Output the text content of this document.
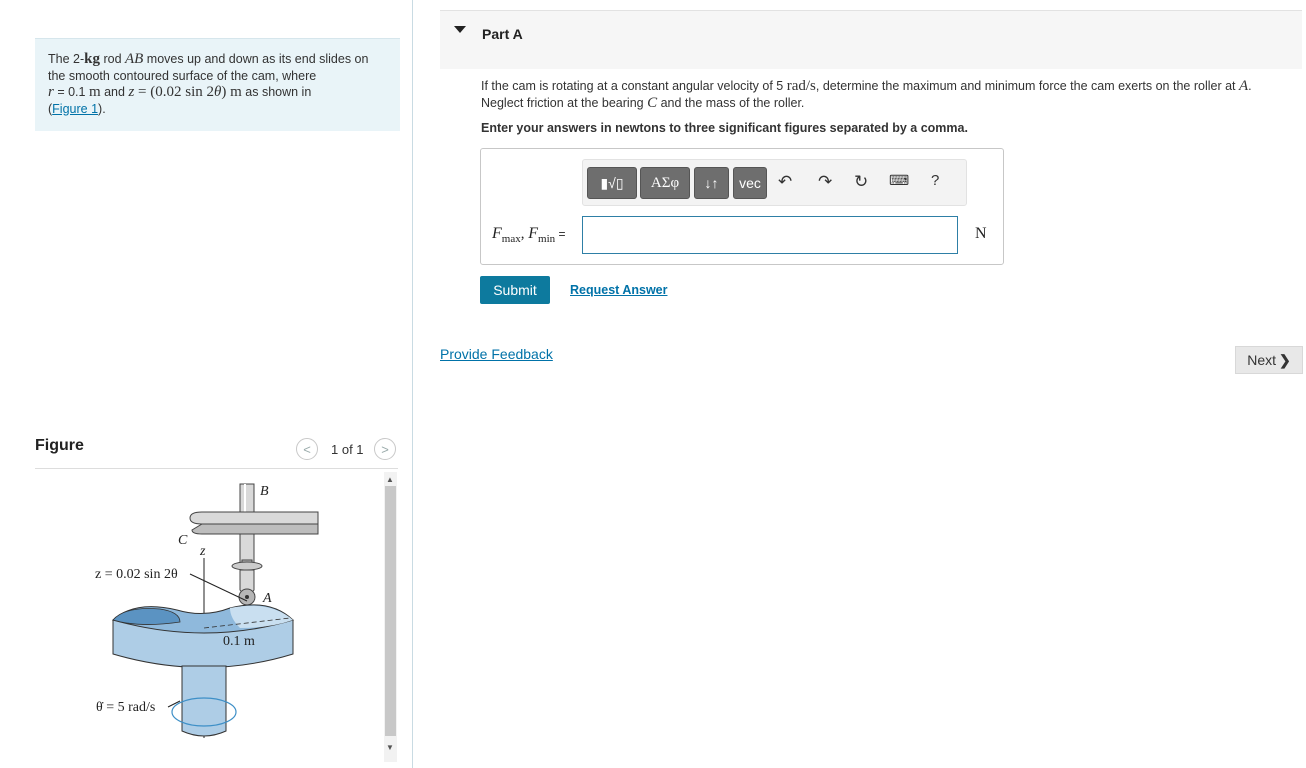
The 2-kg rod AB moves up and down as its end slides on
the smooth contoured surface of the cam, where
r = 0.1 m and z = (0.02 sin 2θ) m as shown in
(Figure 1).
Figure	< 1 of 1 >
▲
▼
B
C
z
A
z = 0.02 sin 2θ
0.1 m
θ̇ = 5 rad/s
Part A
If the cam is rotating at a constant angular velocity of 5 rad/s, determine the maximum and minimum force the cam exerts on the roller at A.
Neglect friction at the bearing C and the mass of the roller.
Enter your answers in newtons to three significant figures separated by a comma.
▮√▯	ΑΣφ	↓↑	vec	↶ ↷ ↻ ⌨ ?
$F_{max}$, $F_{min}$ =	N
Submit	Request Answer
Provide Feedback	Next ❯
